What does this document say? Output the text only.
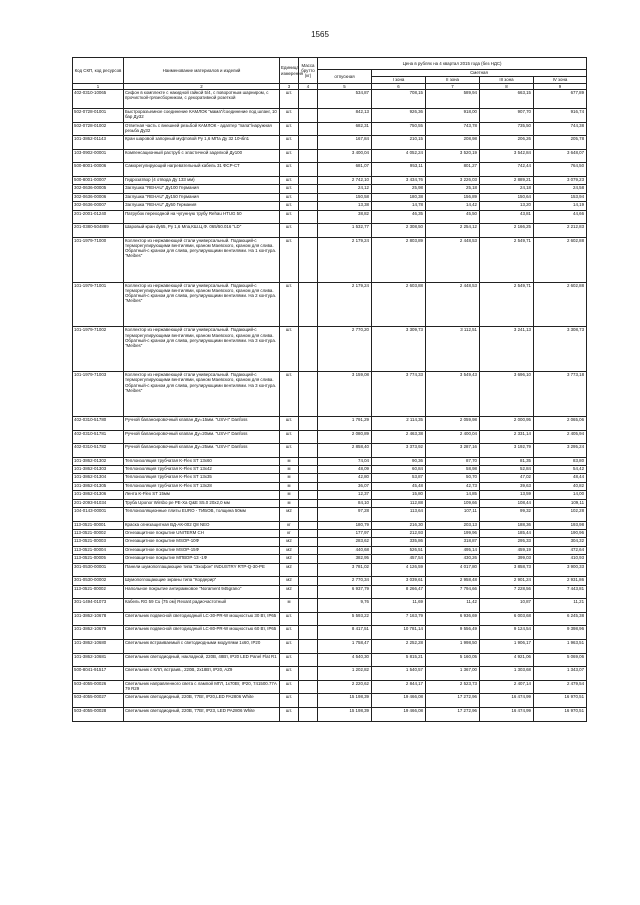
1565
Код СКП, код ресурсов	Наименование материалов и изделий	Единица измерения	Масса брутто (кг)	Цена в рублях на 4 квартал 2015 года (без НДС)				
				отпускная	Сметная			
					I зона	II зона	III зона	IV зона
1	2	3	4	5	6	7	8	9
402-0310-10065	Сифон в комплекте с накидной гайкой 5/4, с поворотным шарниром, с прочисткой-грязесборником, с декоративной розеткой	шт.		534,87	708,15	589,94	663,15	677,89
502-0728-01001	Быстроразъемное соединение КАМЛОК "мама"/соединение под шланг, 10 бар Ду32	шт.		842,13	926,36	918,00	907,70	916,74
502-0728-01002	Ответная часть с внешней резьбой КАМЛОК - адаптер "папа"/наружная резьба Ду32	шт.		682,31	750,55	743,78	735,50	744,38
101-3862-01143	Кран шаровой запорный муфтовой Ру 1,6 МПа Ду 32 10чбп1	шт.		167,84	210,15	208,98	206,26	205,78
103-0902-00001	Компенсационный раструб с эластичной заделкой Ду100	шт.		3 400,04	4 052,24	3 520,19	3 542,84	3 648,07
500-8001-00006	Саморегулирующий нагревательный кабель 31 ФСР-СТ	шт.		681,07	953,11	801,27	742,44	764,50
500-8001-00007	Гидрозатвор (4 отвода Ду 133 мм)	шт.		2 742,10	3 434,76	3 226,03	2 889,21	3 079,23
302-0636-00005	Заглушка "REHAU" Ду100 Германия	шт.		24,12	25,98	25,18	24,18	24,58
302-0636-00006	Заглушка "REHAU" Ду150 Германия	шт.		150,58	180,38	156,89	150,64	153,94
302-0636-00007	Заглушка "REHAU" Ду50 Германия	шт.		13,38	14,78	14,42	13,20	14,19
201-2001-01240	Патрубок переходной на чугунную трубу Rehau HTUG 50	шт.		38,82	46,35	45,50	43,81	44,66
201-0380-504889	Шаровый кран dy65, Ру 1,6 Мпа,КШ.Ц.Ф. 065/50.016 "LD"	шт.		1 532,77	2 308,50	2 254,12	2 166,25	2 212,83
101-1979-71000	Коллектор из нержавеющей стали универсальный. Подающий-с терморегулирующими вентилями, краном Маевского, краном для слива. Обратный-с краном для слива, регулирующими вентилями. На 1 контура. "Meibes"	шт.		2 179,24	2 803,89	2 448,53	2 549,71	2 602,88
101-1979-71001	Коллектор из нержавеющей стали универсальный. Подающий-с терморегулирующими вентилями, краном Маевского, краном для слива. Обратный-с краном для слива, регулирующими вентилями. На 2 контура. "Meibes"	шт.		2 179,24	2 603,88	2 448,53	2 549,71	2 602,88
101-1979-71002	Коллектор из нержавеющей стали универсальный. Подающий-с терморегулирующими вентилями, краном Маевского, краном для слива. Обратный-с краном для слива, регулирующими вентилями. На 3 контура. "Meibes"	шт.		2 770,20	3 309,73	3 112,51	3 241,13	3 308,73
101-1979-71003	Коллектор из нержавеющей стали универсальный. Подающий-с терморегулирующими вентилями, краном Маевского, краном для слива. Обратный-с краном для слива, регулирующими вентилями. На 3 контура. "Meibes"	шт.		3 159,08	3 774,33	3 549,43	3 696,10	3 773,18
402-0310-51780	Ручной балансировочный клапан Ду=15мм. "USV-I" Danfoss	шт.		1 791,29	2 114,35	2 059,98	2 000,95	2 065,06
402-0310-51781	Ручной балансировочный клапан Ду=20мм. "USV-I" Danfoss	шт.		2 080,89	2 463,38	2 400,04	2 331,14	2 405,94
402-0310-51782	Ручной балансировочный клапан Ду=25мм. "USV-I" Danfoss	шт.		2 858,40	3 373,92	3 287,16	3 192,79	3 295,24
101-3862-01302	Теплоизоляция трубчатая K-Flex ST 13x60	м		74,04	90,36	87,70	81,35	83,80
101-3862-01303	Теплоизоляция трубчатая K-Flex ST 13x42	м		48,09	60,84	58,98	52,84	54,42
101-3862-01304	Теплоизоляция трубчатая K-Flex ST 13x35	м		42,80	53,87	50,70	47,02	48,44
101-3862-01305	Теплоизоляция трубчатая K-Flex ST 13x28	м		36,07	45,48	42,73	39,63	40,82
101-3862-01306	Лента K-Flex ST 15мм	м		12,37	15,80	14,85	13,59	14,00
201-2093-91034	Труба Uponor Wirsbo pe PE-Xa Q&E S5.0 20x2,0 мм	м		84,10	112,88	109,66	108,44	109,11
104-0143-00001	Теплоизоляционные плиты EURO - ТИБОВ, толщина 50мм	м2		97,28	113,64	107,11	99,32	102,28
113-0521-00001	Краска огнезащитная ВД-АК-002 Q8 NEO	кг		180,79	216,30	203,13	188,36	193,98
113-0521-00002	Огнезащитное покрытие UNITERM CH	кг		177,97	212,93	199,96	185,44	190,96
113-0521-00003	Огнезащитное покрытие MSOP-10Ф	м2		283,62	335,86	318,87	295,33	304,32
113-0521-00004	Огнезащитное покрытие MSOP-15Ф	м2		440,68	526,51	495,14	459,19	472,64
113-0521-00005	Огнезащитное покрытие MПВОР-13 -1Ф	м2		382,95	457,54	430,26	399,03	410,93
301-0530-00001	Панели шумопоглащающие типа "Эхофон" INDUSTRY RTP-Q-30-PE	м2		3 781,02	4 126,59	4 017,80	3 858,73	3 900,33
301-0530-00002	Шумопоглощающие экраны типа "Кордерир"	м2		2 770,34	3 039,61	2 958,48	2 901,24	2 931,86
113-0521-00002	Напольное покрытие антирамковое "Norament 945grano"	м2		6 937,79	8 266,47	7 794,66	7 228,56	7 443,81
301-1494-01073	Кабель RG 59 Cu (75 ом) Rexant радиочастотный	м		9,76	11,69	11,42	10,87	11,21
101-3862-10678	Светильник подвесной светодиодный LC-30-PR-W мощностью 30 Вт, IP65	шт.		5 593,22	7 163,79	6 936,69	6 003,68	6 245,38
101-3862-10679	Светильник подвесной светодиодный LC-80-PR-W мощностью 60 Вт, IP65	шт.		8 417,51	10 781,14	9 556,49	9 124,54	9 398,96
101-3862-10680	Светильник встраиваемый с светодиодными модулями 1x60, IP20	шт.		1 758,47	2 252,28	1 998,50	1 906,17	1 963,51
101-3862-10681	Светильник светодиодный, накладной, 220В, 48Вт, IP20 LED Panel Flat R1	шт.		4 540,30	5 815,21	5 160,05	4 921,06	5 069,06
500-8041-91517	Светильник с КЛЛ, встраив., 220В, 2x18Вт, IP20, AZ9	шт.		1 202,82	1 540,57	1 367,00	1 303,68	1 343,07
503-4055-00026	Светильник направленного света с лампой МГЛ, 1x70Вт, IP20, 741500.77А 79 R29	шт.		2 220,62	2 844,17	2 523,73	2 407,14	2 479,54
503-4055-00027	Светильник светодиодный, 220В, 77Вт, IP20,LED PA2806 White	шт.		15 198,39	19 466,08	17 272,96	16 474,99	16 970,51
503-4055-00028	Светильник светодиодный, 220В, 77Вт, IP23, LED PA2806 White	шт.		15 198,39	19 466,08	17 272,96	16 474,99	16 970,51
